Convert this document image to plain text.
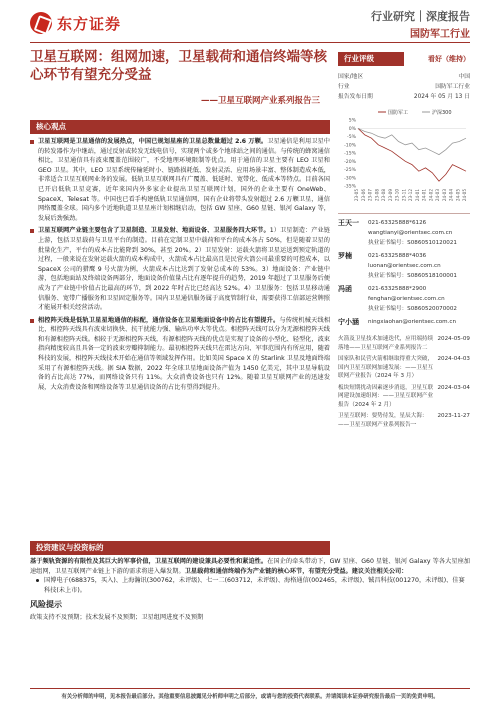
东方证券	行业研究｜深度报告
国防军工行业
卫星互联网：组网加速，卫星载荷和通信终端等核心环节有望充分受益
——卫星互联网产业系列报告三
行业评级	看好（维持）
国家/地区	中国
行业	国防军工行业
报告发布日期	2024 年 05 月 13 日
国防军工	沪深300
5%
0%
-5%
-10%
-15%
-20%
-25%
-30%
-35%
23-05 23-06 23-07 23-08 23-08 23-09 23-10 23-11 23-12 24-01 24-01 24-02 24-03 24-03 24-04 24-05 24-05
王天一	021-63325888*6126
wangtianyi@orientsec.com.cn
执业证书编号：S0860510120021
罗楠	021-63325888*4036
luonan@orientsec.com.cn
执业证书编号：S0860518100001
冯函	021-63325888*2900
fenghan@orientsec.com.cn
执业证书编号：S0860520070002
宁小涵	ningxiaohan@orientsec.com.cn
火箭及卫星技术加速迭代，应用端持续落地——卫星互联网产业系列报告二
2024-05-09
国家队和民营火箭相继取得重大突破，国内卫星互联网加速发展：——卫星互联网产业报告（2024 年 3 月）
2024-04-03
板块短期扰动因素逐步消退，卫星互联网建设加速组网：——卫星互联网产业报告（2024 年 2 月）
2024-03-04
卫星互联网：要势待发，星辰大海：——卫星互联网产业系列报告一
2023-11-27
核心观点
卫星互联网是卫星通信的发展热点，中国已规划星座的卫星总数量超过 2.6 万颗。卫星通信是利用卫星中的转发器作为中继站，通过反射或转发无线电信号，实现两个或多个地球站之间的通信。与传统的蜂窝通信相比，卫星通信具有波束覆盖范围较广，不受地理环境限制等优点。用于通信的卫星主要有 LEO 卫星和 GEO 卫星。其中，LEO 卫星系统传输延时小、链路损耗低、发射灵活、应用场景丰富、整体制造成本低，非常适合卫星互联网业务的发展。低轨卫星互联网具有广覆盖、低延时、宽带化、低成本等特点。目前各国已开启低轨卫星竞赛，近年来国内外多家企业提出卫星互联网计划，国外的企业主要有 OneWeb、SpaceX、Telesat 等。中国也已看手构建低轨卫星通信网，国有企业将带头发射超过 2.6 万颗卫星，通信网络覆盖全球。国内多个近地轨道卫星星座计划相继启动，包括 GW 星座、G60 星链、银河 Galaxy 等，发展后劲强劲。
卫星互联网产业链主要包含了卫星制造、卫星发射、地面设备、卫星服务四大环节。1）卫星制造：产业链上游，包括卫星载荷与卫星平台的制造。目前在定制卫星中载荷和平台的成本各占 50%，但是随着卫星的批量化生产，平台的成本占比能降到 30%，甚至 20%。2）卫星发射：运载火箭将卫星运送到预定轨道的过程，一般来说在发射运载火箭的成本构成中，火箭成本占比最高且是民营火箭公司最重要的可控成本，以 SpaceX 公司的猎鹰 9 号火箭为例，火箭成本占比达到了发射总成本的 53%。3）地面设备：产业链中游，包括地面站及终端设备两部分，地面设备价值量占比有逐年提升的趋势，2019 年超过了卫星服务后便成为了产业链中价值占比最高的环节，到 2022 年时占比已经高达 52%。4）卫星服务：包括卫星移动通信服务、宽带广播服务和卫星固定服务等。国内卫星通信服务属于高度管制行业，需要获得工信部运营牌照才能展开相关经营活动。
相控阵天线是低轨卫星星地通信的标配，通信设备在卫星地面设备中的占比有望提升。与传统机械天线相比，相控阵天线具有波束切换快、抗干扰能力强、输出功率大等优点。相控阵天线可以分为无源相控阵天线和有源相控阵天线。相较于无源相控阵天线，有源相控阵天线的优点是实现了设备的小型化、轻型化，波束指向精度较高且具备一定的波束旁瓣抑制能力。最初相控阵天线只在雷达方向、军事范围内有所应用，随着科技的发展，相控阵天线技术开始在通信等领域发挥作用。比如美国 Space X 的 Starlink 卫星及地面终端采用了有源相控阵天线。据 SIA 数据，2022 年全球卫星地面设备产值为 1450 亿美元，其中卫星导航设备的占比高达 77%，而网络设备只有 11%。大众消费设备也只有 12%。随着卫星互联网产业的迅速发展，大众消费设备和网络设备等卫星通信设备的占比有望得到提升。
投资建议与投资标的
基于频轨资源的有限性及其巨大的军事价值，卫星互联网的建设兼具必要性和紧迫性。在国企的牵头带动下，GW 星座、G60 星链、银河 Galaxy 等各大星座加速组网，卫星互联网产业链上下游的需求将进入爆发期。卫星载荷和通信终端作为产业链的核心环节，有望充分受益。建议关注相关公司：
国博电子(688375，买入)、上海瀚讯(300762，未评级)、七一二(603712，未评级)、海格通信(002465，未评级)、铖昌科技(001270，未评级)、佳赛科技(未上市)。
风险提示
政策支持不及预期；技术发展不及预期；卫星组网进度不及预期
有关分析师的申明，见本报告最后部分。其他重要信息披露见分析师申明之后部分，或请与您的投资代表联系。并请阅读本证券研究报告最后一页的免责申明。
